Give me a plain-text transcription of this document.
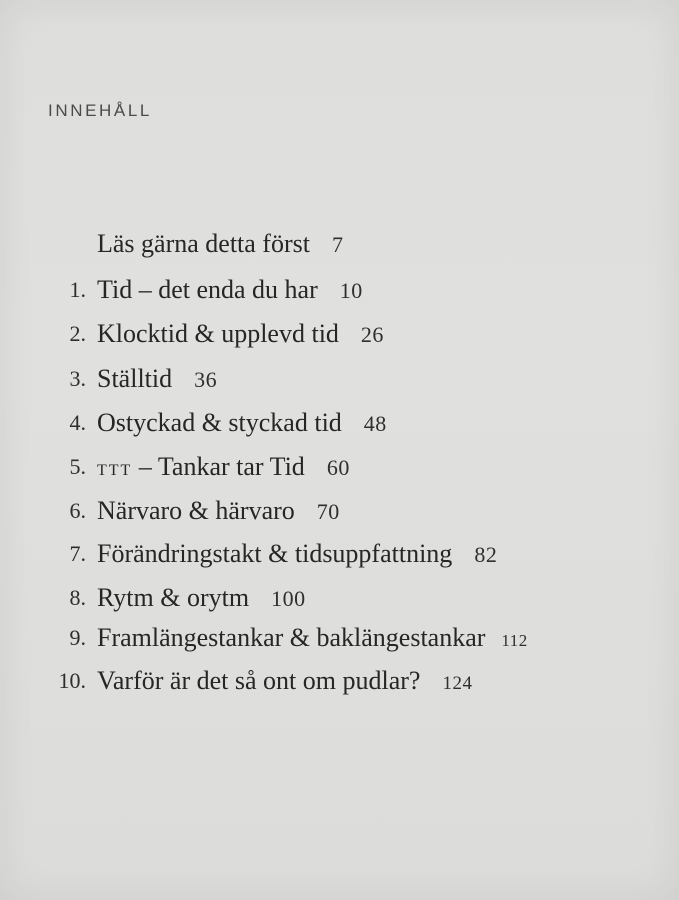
INNEHÅLL
Läs gärna detta först 7
1. Tid – det enda du har 10
2. Klocktid & upplevd tid 26
3. Ställtid 36
4. Ostyckad & styckad tid 48
5. TTT – Tankar tar Tid 60
6. Närvaro & härvaro 70
7. Förändringstakt & tidsuppfattning 82
8. Rytm & orytm 100
9. Framlängestankar & baklängestankar 112
10. Varför är det så ont om pudlar? 124
